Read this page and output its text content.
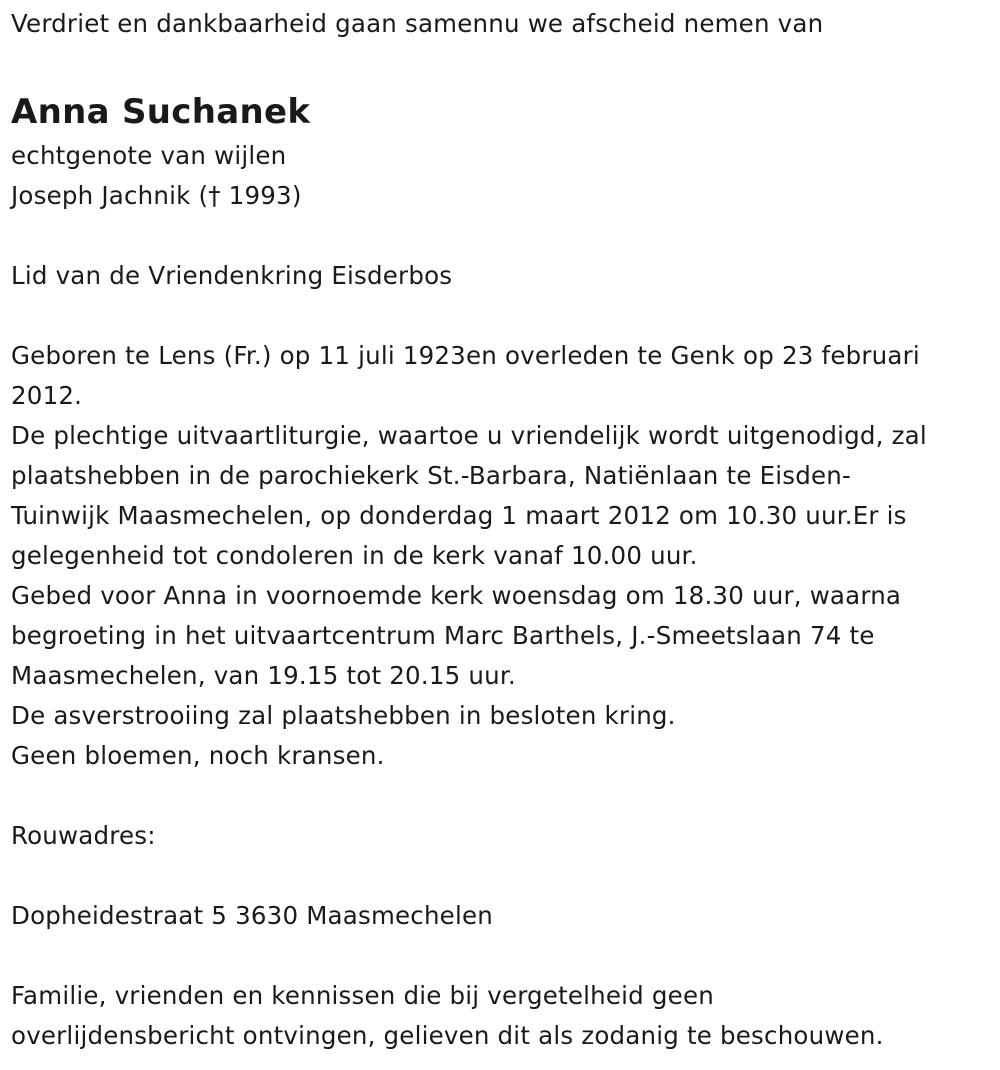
Verdriet en dankbaarheid gaan samennu we afscheid nemen van
Anna Suchanek
echtgenote van wijlen
Joseph Jachnik († 1993)
Lid van de Vriendenkring Eisderbos
Geboren te Lens (Fr.) op 11 juli 1923en overleden te Genk op 23 februari
2012.
De plechtige uitvaartliturgie, waartoe u vriendelijk wordt uitgenodigd, zal
plaatshebben in de parochiekerk St.-Barbara, Natiënlaan te Eisden-
Tuinwijk Maasmechelen, op donderdag 1 maart 2012 om 10.30 uur.Er is
gelegenheid tot condoleren in de kerk vanaf 10.00 uur.
Gebed voor Anna in voornoemde kerk woensdag om 18.30 uur, waarna
begroeting in het uitvaartcentrum Marc Barthels, J.-Smeetslaan 74 te
Maasmechelen, van 19.15 tot 20.15 uur.
De asverstrooiing zal plaatshebben in besloten kring.
Geen bloemen, noch kransen.
Rouwadres:
Dopheidestraat 5 3630 Maasmechelen
Familie, vrienden en kennissen die bij vergetelheid geen
overlijdensbericht ontvingen, gelieven dit als zodanig te beschouwen.
